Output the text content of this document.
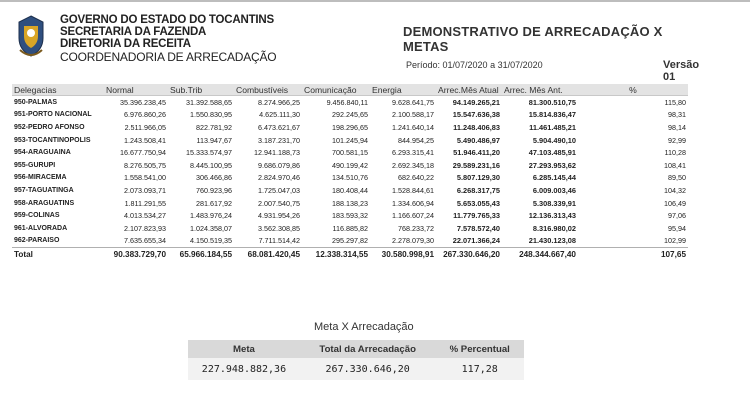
GOVERNO DO ESTADO DO TOCANTINS
SECRETARIA DA FAZENDA
DIRETORIA DA RECEITA
COORDENADORIA DE ARRECADAÇÃO
DEMONSTRATIVO DE ARRECADAÇÃO X METAS
Período: 01/07/2020 a 31/07/2020	Versão 01
Delegacias	Normal	Sub.Trib	Combustíveis	Comunicação	Energia	Arrec.Mês Atual	Arrec. Mês Ant.	%
950-PALMAS	35.396.238,45	31.392.588,65	8.274.966,25	9.456.840,11	9.628.641,75	94.149.265,21	81.300.510,75	115,80
951-PORTO NACIONAL	6.976.860,26	1.550.830,95	4.625.111,30	292.245,65	2.100.588,17	15.547.636,38	15.814.836,47	98,31
952-PEDRO AFONSO	2.511.966,05	822.781,92	6.473.621,67	198.296,65	1.241.640,14	11.248.406,83	11.461.485,21	98,14
953-TOCANTINOPOLIS	1.243.508,41	113.947,67	3.187.231,70	101.245,94	844.954,25	5.490.486,97	5.904.490,10	92,99
954-ARAGUAINA	16.677.750,94	15.333.574,97	12.941.188,73	700.581,15	6.293.315,41	51.946.411,20	47.103.485,91	110,28
955-GURUPI	8.276.505,75	8.445.100,95	9.686.079,86	490.199,42	2.692.345,18	29.589.231,16	27.293.953,62	108,41
956-MIRACEMA	1.558.541,00	306.466,86	2.824.970,46	134.510,76	682.640,22	5.807.129,30	6.285.145,44	89,50
957-TAGUATINGA	2.073.093,71	760.923,96	1.725.047,03	180.408,44	1.528.844,61	6.268.317,75	6.009.003,46	104,32
958-ARAGUATINS	1.811.291,55	281.617,92	2.007.540,75	188.138,23	1.334.606,94	5.653.055,43	5.308.339,91	106,49
959-COLINAS	4.013.534,27	1.483.976,24	4.931.954,26	183.593,32	1.166.607,24	11.779.765,33	12.136.313,43	97,06
961-ALVORADA	2.107.823,93	1.024.358,07	3.562.308,85	116.885,82	768.233,72	7.578.572,40	8.316.980,02	95,94
962-PARAISO	7.635.655,34	4.150.519,35	7.711.514,42	295.297,82	2.278.079,30	22.071.366,24	21.430.123,08	102,99
Total	90.383.729,70	65.966.184,55	68.081.420,45	12.338.314,55	30.580.998,91	267.330.646,20	248.344.667,40	107,65
Meta X Arrecadação
Meta	Total da Arrecadação	% Percentual
227.948.882,36	267.330.646,20	117,28
